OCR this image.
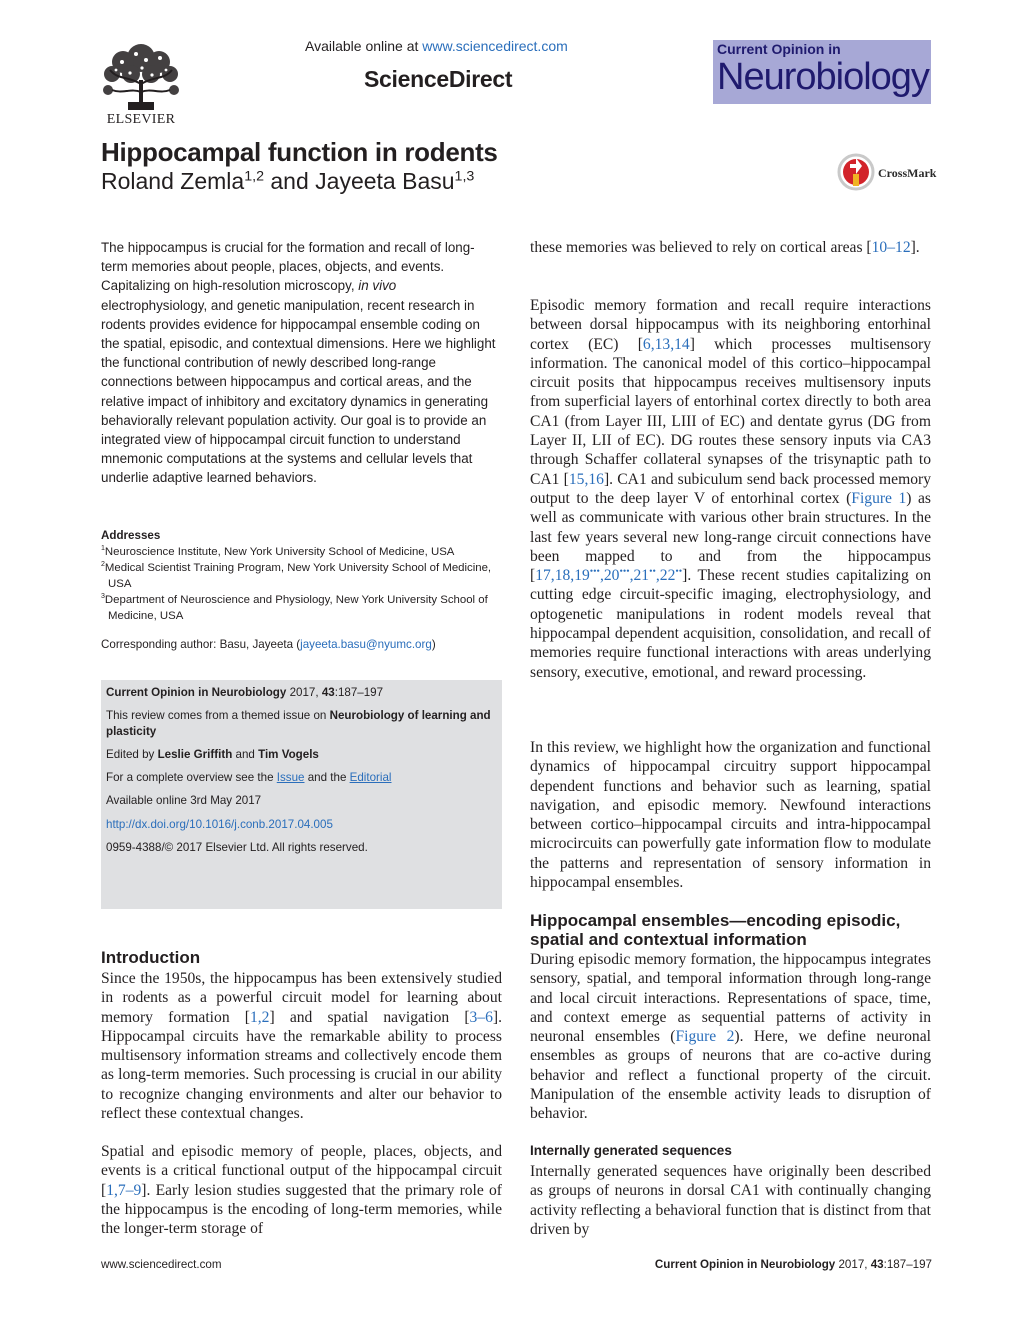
ELSEVIER
Available online at www.sciencedirect.com
ScienceDirect
Current Opinion in
Neurobiology
Hippocampal function in rodents
Roland Zemla$^{1,2}$ and Jayeeta Basu$^{1,3}$	CrossMark

The hippocampus is crucial for the formation and recall of long-term memories about people, places, objects, and events. Capitalizing on high-resolution microscopy, in vivo electrophysiology, and genetic manipulation, recent research in rodents provides evidence for hippocampal ensemble coding on the spatial, episodic, and contextual dimensions. Here we highlight the functional contribution of newly described long-range connections between hippocampus and cortical areas, and the relative impact of inhibitory and excitatory dynamics in generating behaviorally relevant population activity. Our goal is to provide an integrated view of hippocampal circuit function to understand mnemonic computations at the systems and cellular levels that underlie adaptive learned behaviors.

Addresses
$^1$Neuroscience Institute, New York University School of Medicine, USA
$^2$Medical Scientist Training Program, New York University School of Medicine, USA
$^3$Department of Neuroscience and Physiology, New York University School of Medicine, USA
Corresponding author: Basu, Jayeeta (jayeeta.basu@nyumc.org)
Current Opinion in Neurobiology 2017, 43:187–197
This review comes from a themed issue on Neurobiology of learning and plasticity
Edited by Leslie Griffith and Tim Vogels
For a complete overview see the Issue and the Editorial
Available online 3rd May 2017
http://dx.doi.org/10.1016/j.conb.2017.04.005
0959-4388/© 2017 Elsevier Ltd. All rights reserved.
Introduction

Since the 1950s, the hippocampus has been extensively studied in rodents as a powerful circuit model for learning about memory formation [1,2] and spatial navigation [3–6]. Hippocampal circuits have the remarkable ability to process multisensory information streams and collectively encode them as long-term memories. Such processing is crucial in our ability to recognize changing environments and alter our behavior to reflect these contextual changes.

Spatial and episodic memory of people, places, objects, and events is a critical functional output of the hippocampal circuit [1,7–9]. Early lesion studies suggested that the primary role of the hippocampus is the encoding of long-term memories, while the longer-term storage of

these memories was believed to rely on cortical areas [10–12].

Episodic memory formation and recall require interactions between dorsal hippocampus with its neighboring entorhinal cortex (EC) [6,13,14] which processes multisensory information. The canonical model of this cortico–hippocampal circuit posits that hippocampus receives multisensory inputs from superficial layers of entorhinal cortex directly to both area CA1 (from Layer III, LIII of EC) and dentate gyrus (DG from Layer II, LII of EC). DG routes these sensory inputs via CA3 through Schaffer collateral synapses of the trisynaptic path to CA1 [15,16]. CA1 and subiculum send back processed memory output to the deep layer V of entorhinal cortex (Figure 1) as well as communicate with various other brain structures. In the last few years several new long-range circuit connections have been mapped to and from the hippocampus [17,18,19•••,20•••,21••,22••]. These recent studies capitalizing on cutting edge circuit-specific imaging, electrophysiology, and optogenetic manipulations in rodent models reveal that hippocampal dependent acquisition, consolidation, and recall of memories require functional interactions with areas underlying sensory, executive, emotional, and reward processing.

In this review, we highlight how the organization and functional dynamics of hippocampal circuitry support hippocampal dependent functions and behavior such as learning, spatial navigation, and episodic memory. Newfound interactions between cortico–hippocampal circuits and intra-hippocampal microcircuits can powerfully gate information flow to modulate the patterns and representation of sensory information in hippocampal ensembles.

Hippocampal ensembles—encoding episodic, spatial and contextual information

During episodic memory formation, the hippocampus integrates sensory, spatial, and temporal information through long-range and local circuit interactions. Representations of space, time, and context emerge as sequential patterns of activity in neuronal ensembles (Figure 2). Here, we define neuronal ensembles as groups of neurons that are co-active during behavior and reflect a functional property of the circuit. Manipulation of the ensemble activity leads to disruption of behavior.

Internally generated sequences

Internally generated sequences have originally been described as groups of neurons in dorsal CA1 with continually changing activity reflecting a behavioral function that is distinct from that driven by

www.sciencedirect.com	Current Opinion in Neurobiology 2017, 43:187–197
